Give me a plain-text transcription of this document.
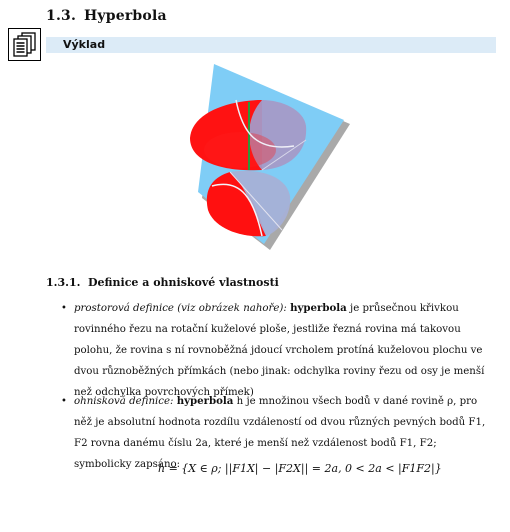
1.3. Hyperbola
Výklad
1.3.1. Definice a ohniskové vlastnosti
• prostorová definice (viz obrázek nahoře): hyperbola je průsečnou křivkou rovinného řezu na rotační kuželové ploše, jestliže řezná rovina má takovou polohu, že rovina s ní rovnoběžná jdoucí vrcholem protíná kuželovou plochu ve dvou různoběžných přímkách (nebo jinak: odchylka roviny řezu od osy je menší než odchylka povrchových přímek)

• ohnisková definice: hyperbola h je množinou všech bodů v dané rovině ρ, pro něž je absolutní hodnota rozdílu vzdáleností od dvou různých pevných bodů F1, F2 rovna danému číslu 2a, které je menší než vzdálenost bodů F1, F2; symbolicky zapsáno:

h = {X ∈ ρ; ||F1X| − |F2X|| = 2a, 0 < 2a < |F1F2|}
